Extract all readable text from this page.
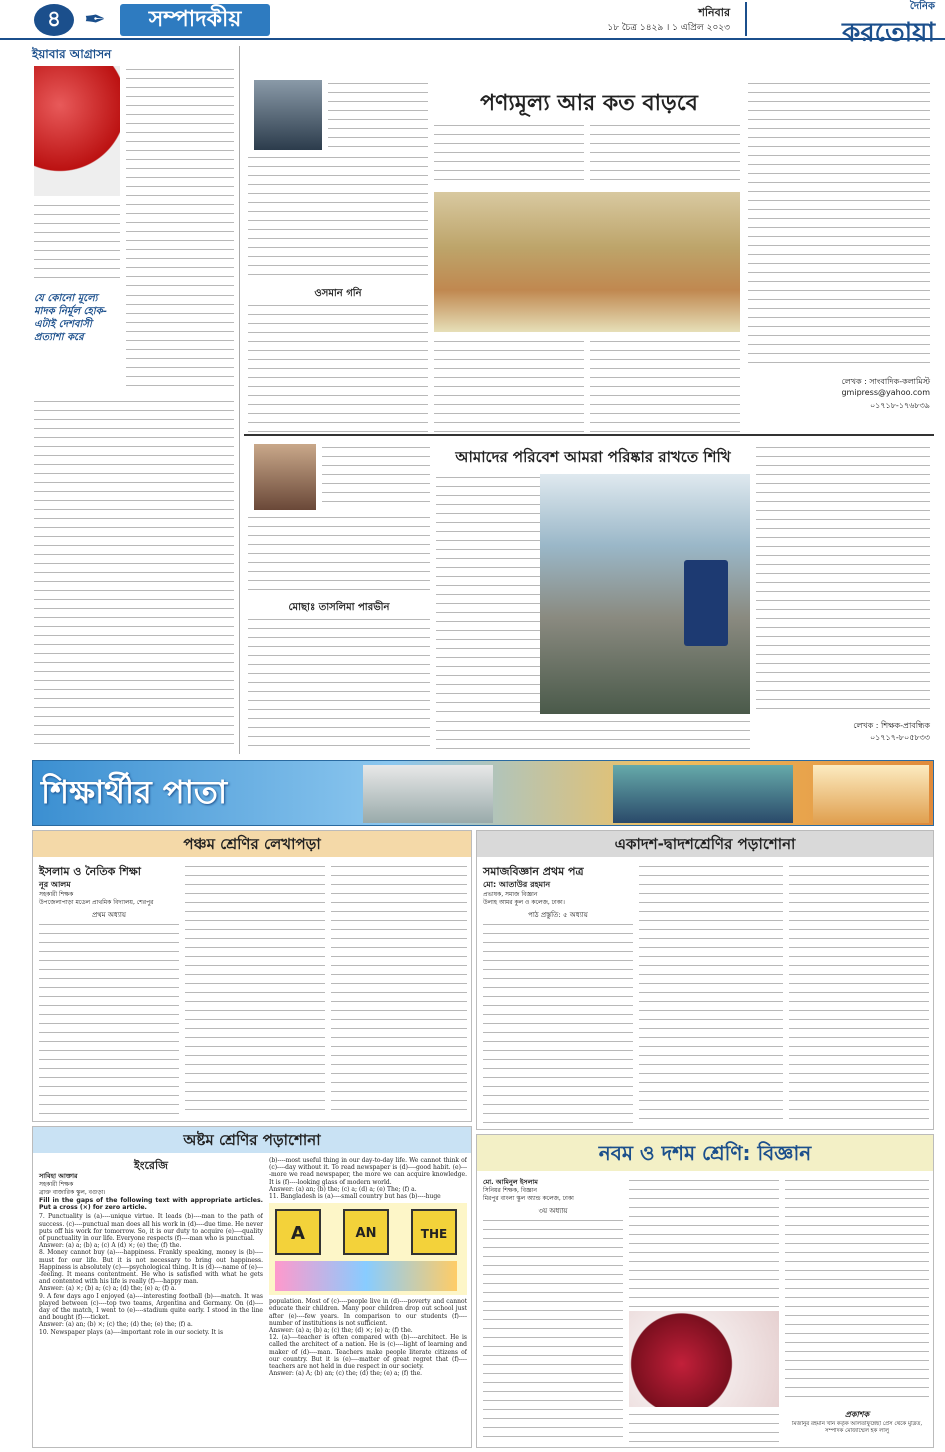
৪ ✒	সম্পাদকীয়	শনিবার
১৮ চৈত্র ১৪২৯ । ১ এপ্রিল ২০২৩
দৈনিক
করতোয়া
ইয়াবার আগ্রাসন
যে কোনো মূল্যে মাদক নির্মূল হোক-এটাই দেশবাসী প্রত্যাশা করে
ওসমান গনি
পণ্যমূল্য আর কত বাড়বে
লেখক : সাংবাদিক-কলামিস্ট
gmipress@yahoo.com
০১৭১৮-১৭৬৮৩৯
মোছাঃ তাসলিমা পারভীন
আমাদের পরিবেশ আমরা পরিষ্কার রাখতে শিখি
লেখক : শিক্ষক-প্রাবন্ধিক
০১৭১৭-৮০৫৮৩৩
শিক্ষার্থীর পাতা
পঞ্চম শ্রেণির লেখাপড়া
ইসলাম ও নৈতিক শিক্ষা
নূর আলম
সহকারী শিক্ষক
উপজেলাপাড়া মডেল প্রাথমিক বিদ্যালয়, শেরপুর
প্রথম অধ্যায়
একাদশ-দ্বাদশশ্রেণির পড়াশোনা
সমাজবিজ্ঞান প্রথম পত্র
মো: আতাউর রহমান
প্রভাষক, সমাজ বিজ্ঞান
উলাহ আমর কুল ও কলেজ, ঢাকা।
পাঠ প্রস্তুতি: ৫ অধ্যায়
অষ্টম শ্রেণির পড়াশোনা
ইংরেজি
সাবিহা আক্তার
সহকারী শিক্ষক
ব্রাক্ত বাজারিক স্কুল, বগুড়া।
Fill in the gaps of the following text with appropriate articles. Put a cross (×) for zero article.
7. Punctuality is (a)----unique virtue. It leads (b)----man to the path of success. (c)----punctual man does all his work in (d)----due time. He never puts off his work for tomorrow. So, it is our duty to acquire (e)----quality of punctuality in our life. Everyone respects (f)----man who is punctual.
Answer: (a) a; (b) a; (c) A (d) ×; (e) the; (f) the.
8. Money cannot buy (a)----happiness. Frankly speaking, money is (b)----must for our life. But it is not necessary to bring out happiness. Happiness is absolutely (c)----psychological thing. It is (d)----name of (e)----feeling. It means contentment. He who is satisfied with what he gets and contented with his life is really (f)----happy man.
Answer: (a) ×; (b) a; (c) a; (d) the; (e) a; (f) a.
9. A few days ago I enjoyed (a)----interesting football (b)----match. It was played between (c)----top two teams, Argentina and Germany. On (d)----day of the match, I went to (e)----stadium quite early. I stood in the line and bought (f)----ticket.
Answer: (a) an; (b) ×; (c) the; (d) the; (e) the; (f) a.
10. Newspaper plays (a)----important role in our society. It is
(b)----most useful thing in our day-to-day life. We cannot think of (c)----day without it. To read newspaper is (d)----good habit. (e)----more we read newspaper, the more we can acquire knowledge. It is (f)----looking glass of modern world.
Answer: (a) an; (b) the; (c) a; (d) a; (e) The; (f) a.
11. Bangladesh is (a)----small country but has (b)----huge
A	AN	THE
population. Most of (c)----people live in (d)----poverty and cannot educate their children. Many poor children drop out school just after (e)----few years. In comparison to our students (f)----number of institutions is not sufficient.
Answer: (a) a; (b) a; (c) the; (d) ×; (e) a; (f) the.
12. (a)----teacher is often compared with (b)----architect. He is called the architect of a nation. He is (c)----light of learning and maker of (d)----man. Teachers make people literate citizens of our country. But it is (e)----matter of great regret that (f)----teachers are not held in due respect in our society.
Answer: (a) A; (b) an; (c) the; (d) the; (e) a; (f) the.
নবম ও দশম শ্রেণি: বিজ্ঞান
মো. আমিনুল ইসলাম
সিনিয়র শিক্ষক, বিজ্ঞান
মিরপুর বাংলা স্কুল অ্যান্ড কলেজ, ঢাকা
৩য় অধ্যায়
প্রকাশক
মিজানুর রহমান খান কর্তৃক আলতাফুন্নেছা প্রেস থেকে মুদ্রিত, সম্পাদক মোজাম্মেল হক লালু
